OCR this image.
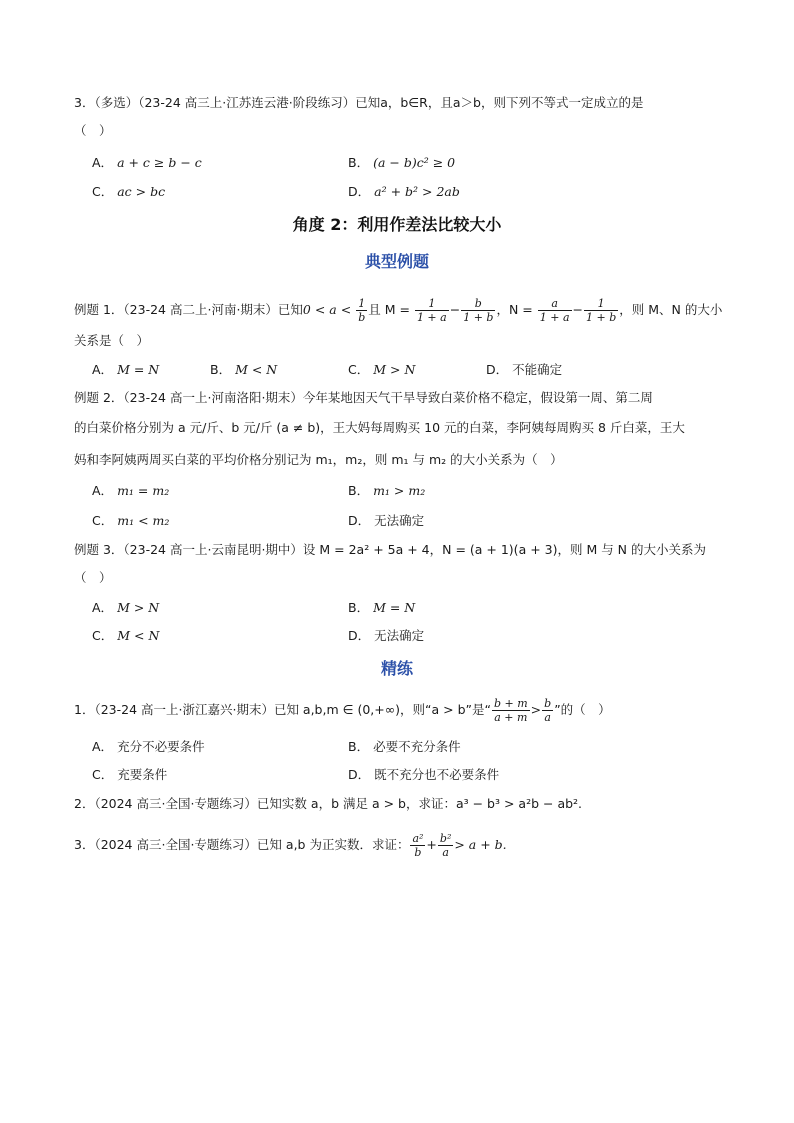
3．（多选）（23-24 高三上·江苏连云港·阶段练习）已知a，b∈R，且a＞b，则下列不等式一定成立的是
（　）
A． a + c ≥ b − c	B． (a − b)c² ≥ 0
C． ac > bc	D． a² + b² > 2ab
角度 2：利用作差法比较大小
典型例题
例题 1．（23-24 高二上·河南·期末）已知$0 < a < \frac{1}{b}$ 且 $M = \frac{1}{1 + a} - \frac{b}{1 + b}$ ，$N = \frac{a}{1 + a} - \frac{1}{1 + b}$ ，则 M、N 的大小
关系是（　）
A． M = N	B． M < N	C． M > N	D． 不能确定
例题 2．（23-24 高一上·河南洛阳·期末）今年某地因天气干旱导致白菜价格不稳定，假设第一周、第二周
的白菜价格分别为 a 元/斤、b 元/斤 (a ≠ b)，王大妈每周购买 10 元的白菜，李阿姨每周购买 8 斤白菜，王大
妈和李阿姨两周买白菜的平均价格分别记为 m₁，m₂，则 m₁ 与 m₂ 的大小关系为（　）
A． m₁ = m₂	B． m₁ > m₂
C． m₁ < m₂	D． 无法确定
例题 3．（23-24 高一上·云南昆明·期中）设 M = 2a² + 5a + 4，N = (a + 1)(a + 3)，则 M 与 N 的大小关系为
（　）
A． M > N	B． M = N
C． M < N	D． 无法确定
精练
1．（23-24 高一上·浙江嘉兴·期末）已知 a,b,m ∈ (0,+∞)，则“a > b”是“ $\frac{b + m}{a + m} > \frac{b}{a}$ ”的（　）
A． 充分不必要条件	B． 必要不充分条件
C． 充要条件	D． 既不充分也不必要条件
2．（2024 高三·全国·专题练习）已知实数 a，b 满足 a > b，求证：a³ − b³ > a²b − ab².
3．（2024 高三·全国·专题练习）已知 a,b 为正实数．求证： $\frac{\text{a²}}{b} + \frac{\text{b²}}{a} > a + b$.
